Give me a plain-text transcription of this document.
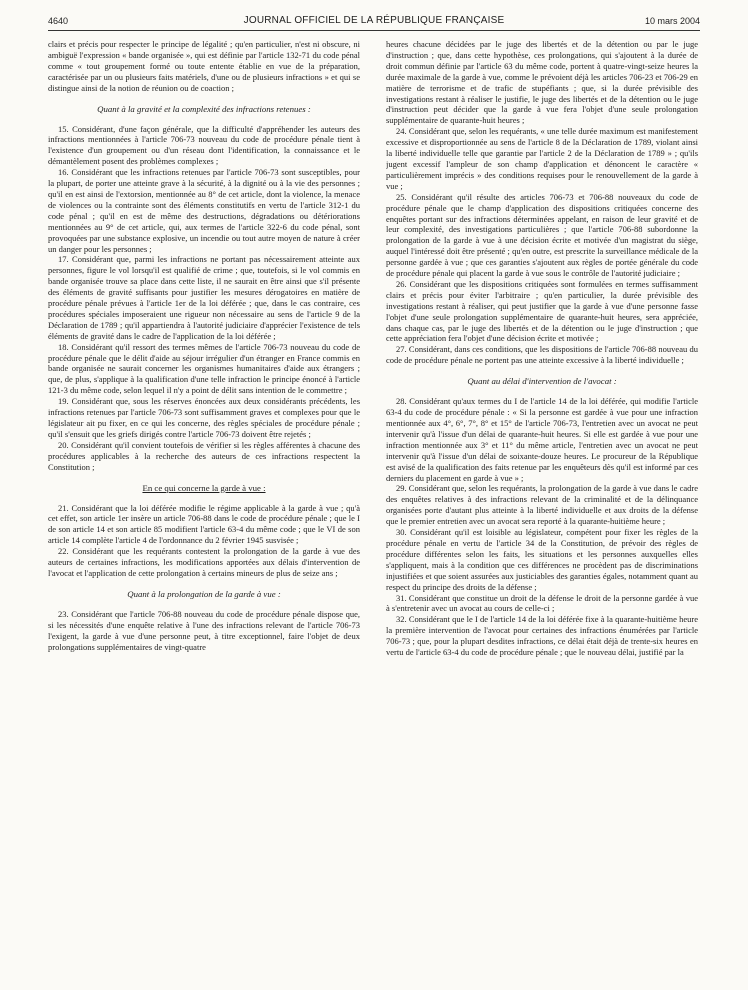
4640	JOURNAL OFFICIEL DE LA RÉPUBLIQUE FRANÇAISE	10 mars 2004

clairs et précis pour respecter le principe de légalité ; qu'en particulier, n'est ni obscure, ni ambiguë l'expression « bande organisée », qui est définie par l'article 132-71 du code pénal comme « tout groupement formé ou toute entente établie en vue de la préparation, caractérisée par un ou plusieurs faits matériels, d'une ou de plusieurs infractions » et qui se distingue ainsi de la notion de réunion ou de coaction ;

Quant à la gravité et la complexité des infractions retenues :

15. Considérant, d'une façon générale, que la difficulté d'appréhender les auteurs des infractions mentionnées à l'article 706-73 nouveau du code de procédure pénale tient à l'existence d'un groupement ou d'un réseau dont l'identification, la connaissance et le démantèlement posent des problèmes complexes ;

16. Considérant que les infractions retenues par l'article 706-73 sont susceptibles, pour la plupart, de porter une atteinte grave à la sécurité, à la dignité ou à la vie des personnes ; qu'il en est ainsi de l'extorsion, mentionnée au 8° de cet article, dont la violence, la menace de violences ou la contrainte sont des éléments constitutifs en vertu de l'article 312-1 du code pénal ; qu'il en est de même des destructions, dégradations ou détériorations mentionnées au 9° de cet article, qui, aux termes de l'article 322-6 du code pénal, sont provoquées par une substance explosive, un incendie ou tout autre moyen de nature à créer un danger pour les personnes ;

17. Considérant que, parmi les infractions ne portant pas nécessairement atteinte aux personnes, figure le vol lorsqu'il est qualifié de crime ; que, toutefois, si le vol commis en bande organisée trouve sa place dans cette liste, il ne saurait en être ainsi que s'il présente des éléments de gravité suffisants pour justifier les mesures dérogatoires en matière de procédure pénale prévues à l'article 1er de la loi déférée ; que, dans le cas contraire, ces procédures spéciales imposeraient une rigueur non nécessaire au sens de l'article 9 de la Déclaration de 1789 ; qu'il appartiendra à l'autorité judiciaire d'apprécier l'existence de tels éléments de gravité dans le cadre de l'application de la loi déférée ;

18. Considérant qu'il ressort des termes mêmes de l'article 706-73 nouveau du code de procédure pénale que le délit d'aide au séjour irrégulier d'un étranger en France commis en bande organisée ne saurait concerner les organismes humanitaires d'aide aux étrangers ; que, de plus, s'applique à la qualification d'une telle infraction le principe énoncé à l'article 121-3 du même code, selon lequel il n'y a point de délit sans intention de le commettre ;

19. Considérant que, sous les réserves énoncées aux deux considérants précédents, les infractions retenues par l'article 706-73 sont suffisamment graves et complexes pour que le législateur ait pu fixer, en ce qui les concerne, des règles spéciales de procédure pénale ; qu'il s'ensuit que les griefs dirigés contre l'article 706-73 doivent être rejetés ;

20. Considérant qu'il convient toutefois de vérifier si les règles afférentes à chacune des procédures applicables à la recherche des auteurs de ces infractions respectent la Constitution ;

En ce qui concerne la garde à vue :

21. Considérant que la loi déférée modifie le régime applicable à la garde à vue ; qu'à cet effet, son article 1er insère un article 706-88 dans le code de procédure pénale ; que le I de son article 14 et son article 85 modifient l'article 63-4 du même code ; que le VI de son article 14 complète l'article 4 de l'ordonnance du 2 février 1945 susvisée ;

22. Considérant que les requérants contestent la prolongation de la garde à vue des auteurs de certaines infractions, les modifications apportées aux délais d'intervention de l'avocat et l'application de cette prolongation à certains mineurs de plus de seize ans ;

Quant à la prolongation de la garde à vue :

23. Considérant que l'article 706-88 nouveau du code de procédure pénale dispose que, si les nécessités d'une enquête relative à l'une des infractions relevant de l'article 706-73 l'exigent, la garde à vue d'une personne peut, à titre exceptionnel, faire l'objet de deux prolongations supplémentaires de vingt-quatre

heures chacune décidées par le juge des libertés et de la détention ou par le juge d'instruction ; que, dans cette hypothèse, ces prolongations, qui s'ajoutent à la durée de droit commun définie par l'article 63 du même code, portent à quatre-vingt-seize heures la durée maximale de la garde à vue, comme le prévoient déjà les articles 706-23 et 706-29 en matière de terrorisme et de trafic de stupéfiants ; que, si la durée prévisible des investigations restant à réaliser le justifie, le juge des libertés et de la détention ou le juge d'instruction peut décider que la garde à vue fera l'objet d'une seule prolongation supplémentaire de quarante-huit heures ;

24. Considérant que, selon les requérants, « une telle durée maximum est manifestement excessive et disproportionnée au sens de l'article 8 de la Déclaration de 1789, violant ainsi la liberté individuelle telle que garantie par l'article 2 de la Déclaration de 1789 » ; qu'ils jugent excessif l'ampleur de son champ d'application et dénoncent le caractère « particulièrement imprécis » des conditions requises pour le renouvellement de la garde à vue ;

25. Considérant qu'il résulte des articles 706-73 et 706-88 nouveaux du code de procédure pénale que le champ d'application des dispositions critiquées concerne des enquêtes portant sur des infractions déterminées appelant, en raison de leur gravité et de leur complexité, des investigations particulières ; que l'article 706-88 subordonne la prolongation de la garde à vue à une décision écrite et motivée d'un magistrat du siège, auquel l'intéressé doit être présenté ; qu'en outre, est prescrite la surveillance médicale de la personne gardée à vue ; que ces garanties s'ajoutent aux règles de portée générale du code de procédure pénale qui placent la garde à vue sous le contrôle de l'autorité judiciaire ;

26. Considérant que les dispositions critiquées sont formulées en termes suffisamment clairs et précis pour éviter l'arbitraire ; qu'en particulier, la durée prévisible des investigations restant à réaliser, qui peut justifier que la garde à vue d'une personne fasse l'objet d'une seule prolongation supplémentaire de quarante-huit heures, sera appréciée, dans chaque cas, par le juge des libertés et de la détention ou le juge d'instruction ; que cette appréciation fera l'objet d'une décision écrite et motivée ;

27. Considérant, dans ces conditions, que les dispositions de l'article 706-88 nouveau du code de procédure pénale ne portent pas une atteinte excessive à la liberté individuelle ;

Quant au délai d'intervention de l'avocat :

28. Considérant qu'aux termes du I de l'article 14 de la loi déférée, qui modifie l'article 63-4 du code de procédure pénale : « Si la personne est gardée à vue pour une infraction mentionnée aux 4°, 6°, 7°, 8° et 15° de l'article 706-73, l'entretien avec un avocat ne peut intervenir qu'à l'issue d'un délai de quarante-huit heures. Si elle est gardée à vue pour une infraction mentionnée aux 3° et 11° du même article, l'entretien avec un avocat ne peut intervenir qu'à l'issue d'un délai de soixante-douze heures. Le procureur de la République est avisé de la qualification des faits retenue par les enquêteurs dès qu'il est informé par ces derniers du placement en garde à vue » ;

29. Considérant que, selon les requérants, la prolongation de la garde à vue dans le cadre des enquêtes relatives à des infractions relevant de la criminalité et de la délinquance organisées porte d'autant plus atteinte à la liberté individuelle et aux droits de la défense que le premier entretien avec un avocat sera reporté à la quarante-huitième heure ;

30. Considérant qu'il est loisible au législateur, compétent pour fixer les règles de la procédure pénale en vertu de l'article 34 de la Constitution, de prévoir des règles de procédure différentes selon les faits, les situations et les personnes auxquelles elles s'appliquent, mais à la condition que ces différences ne procèdent pas de discriminations injustifiées et que soient assurées aux justiciables des garanties égales, notamment quant au respect du principe des droits de la défense ;

31. Considérant que constitue un droit de la défense le droit de la personne gardée à vue à s'entretenir avec un avocat au cours de celle-ci ;

32. Considérant que le I de l'article 14 de la loi déférée fixe à la quarante-huitième heure la première intervention de l'avocat pour certaines des infractions énumérées par l'article 706-73 ; que, pour la plupart desdites infractions, ce délai était déjà de trente-six heures en vertu de l'article 63-4 du code de procédure pénale ; que le nouveau délai, justifié par la
